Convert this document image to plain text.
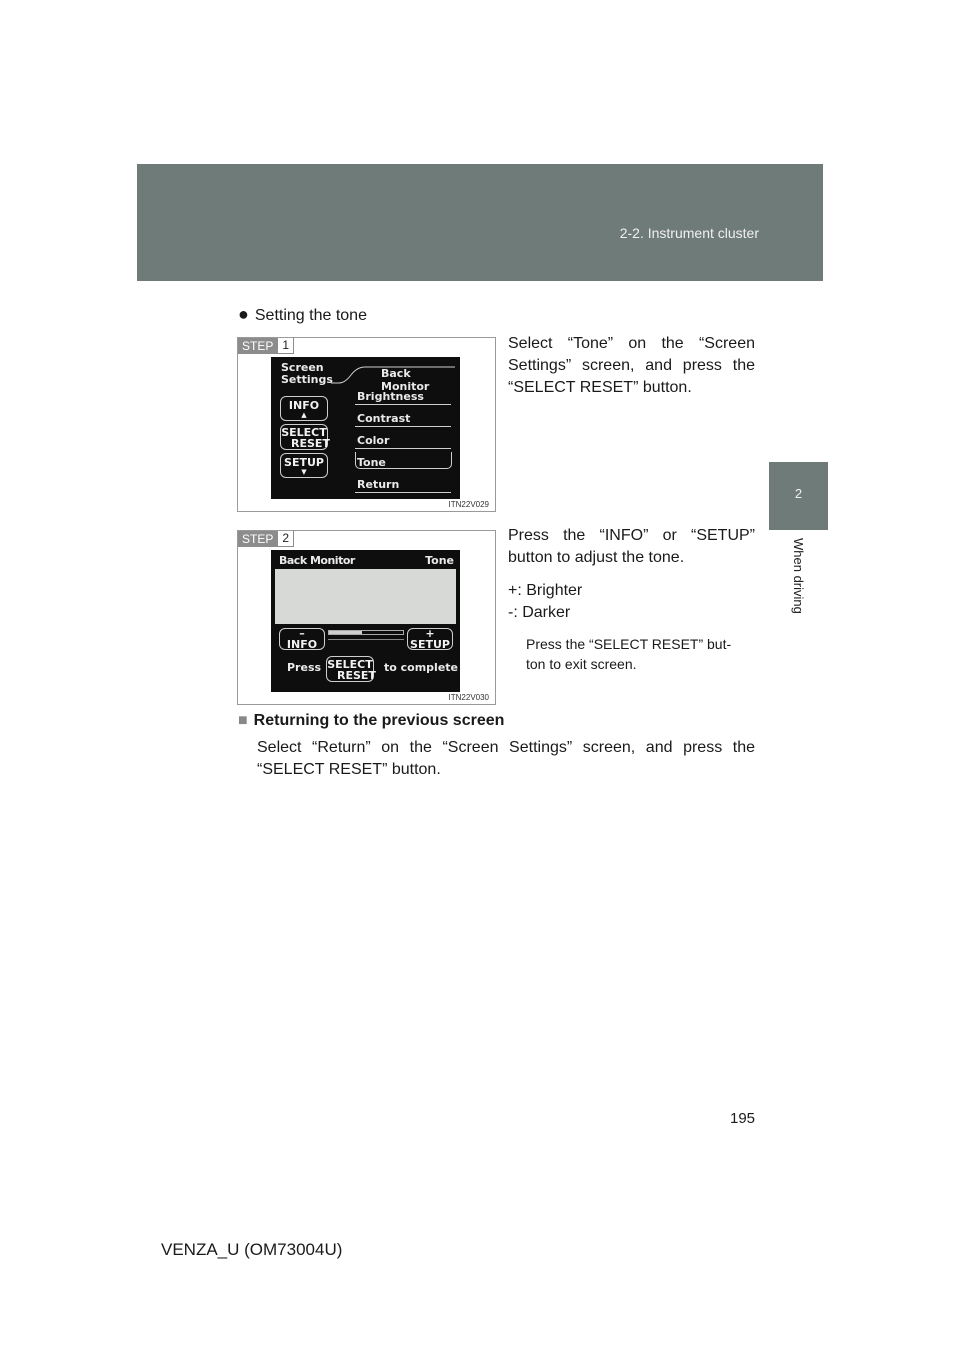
2-2. Instrument cluster
2
When driving
● Setting the tone
STEP 1
Screen
Settings	Back Monitor
Brightness
Contrast
Color
Tone
Return
INFO
▲
SELECT
RESET
SETUP
▼
ITN22V029
Select “Tone” on the “Screen Settings” screen, and press the “SELECT RESET” button.
STEP 2
Back Monitor	Tone
–
INFO
+
SETUP
Press SELECT
RESET
to complete
ITN22V030
Press the “INFO” or “SETUP” button to adjust the tone.
+: Brighter
-: Darker
Press the “SELECT RESET” but-
ton to exit screen.
■ Returning to the previous screen
Select “Return” on the “Screen Settings” screen, and press the “SELECT RESET” button.
195
VENZA_U (OM73004U)
